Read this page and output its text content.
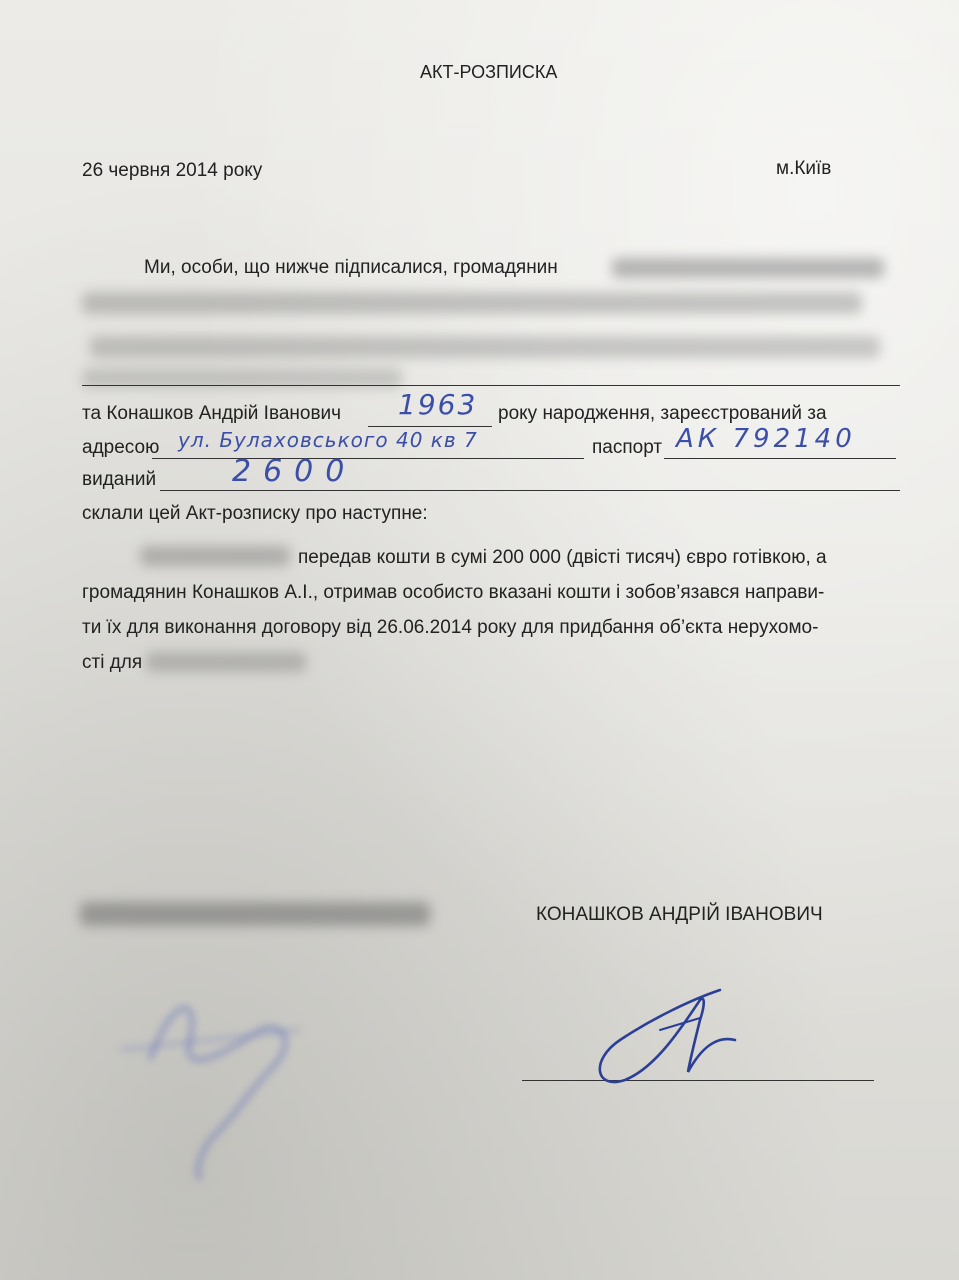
АКТ-РОЗПИСКА
26 червня 2014 року	м.Київ
Ми, особи, що нижче підписалися, громадянин
та Конашков Андрій Іванович 1963 року народження, зареєстрований за
адресою ул. Булаховського 40 кв 7	паспорт АК 792140
виданий	2600
склали цей Акт-розписку про наступне:
передав кошти в сумі 200 000 (двісті тисяч) євро готівкою, а
громадянин Конашков А.І., отримав особисто вказані кошти і зобов’язався направи-
ти їх для виконання договору від 26.06.2014 року для придбання об’єкта нерухомо-
сті для
КОНАШКОВ АНДРІЙ ІВАНОВИЧ
